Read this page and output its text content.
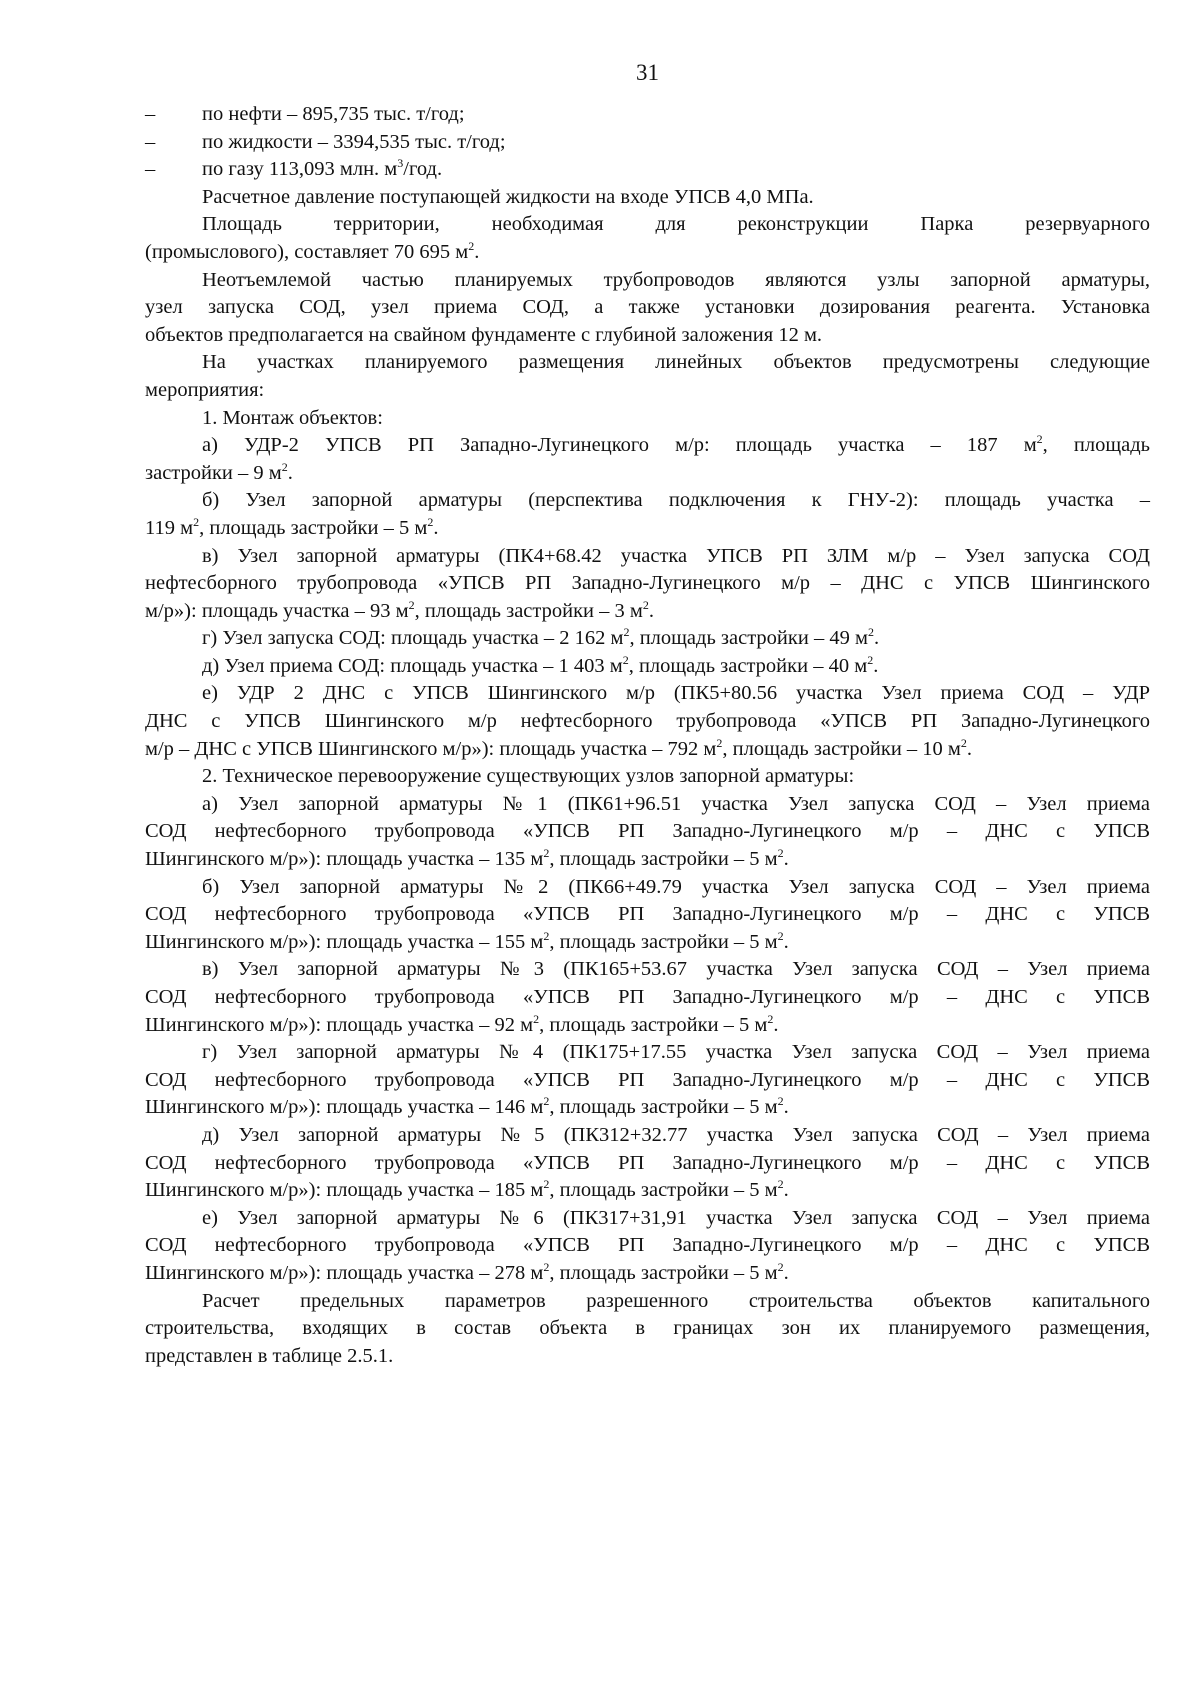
31
– по нефти – 895,735 тыс. т/год;
– по жидкости – 3394,535 тыс. т/год;
– по газу 113,093 млн. $м^3$/год.
Расчетное давление поступающей жидкости на входе УПСВ 4,0 МПа.
Площадь территории, необходимая для реконструкции Парка резервуарного
(промыслового), составляет 70 695 $м^2$.
Неотъемлемой частью планируемых трубопроводов являются узлы запорной арматуры,
узел запуска СОД, узел приема СОД, а также установки дозирования реагента. Установка
объектов предполагается на свайном фундаменте с глубиной заложения 12 м.
На участках планируемого размещения линейных объектов предусмотрены следующие
мероприятия:
1. Монтаж объектов:
а) УДР-2 УПСВ РП Западно-Лугинецкого м/р: площадь участка – 187 $м^2$, площадь
застройки – 9 $м^2$.
б) Узел запорной арматуры (перспектива подключения к ГНУ-2): площадь участка –
119 $м^2$, площадь застройки – 5 $м^2$.
в) Узел запорной арматуры (ПК4+68.42 участка УПСВ РП ЗЛМ м/р – Узел запуска СОД
нефтесборного трубопровода «УПСВ РП Западно-Лугинецкого м/р – ДНС с УПСВ Шингинского
м/р»): площадь участка – 93 $м^2$, площадь застройки – 3 $м^2$.
г) Узел запуска СОД: площадь участка – 2 162 $м^2$, площадь застройки – 49 $м^2$.
д) Узел приема СОД: площадь участка – 1 403 $м^2$, площадь застройки – 40 $м^2$.
е) УДР 2 ДНС с УПСВ Шингинского м/р (ПК5+80.56 участка Узел приема СОД – УДР
ДНС с УПСВ Шингинского м/р нефтесборного трубопровода «УПСВ РП Западно-Лугинецкого
м/р – ДНС с УПСВ Шингинского м/р»): площадь участка – 792 $м^2$, площадь застройки – 10 $м^2$.
2. Техническое перевооружение существующих узлов запорной арматуры:
а) Узел запорной арматуры №1 (ПК61+96.51 участка Узел запуска СОД – Узел приема
СОД нефтесборного трубопровода «УПСВ РП Западно-Лугинецкого м/р – ДНС с УПСВ
Шингинского м/р»): площадь участка – 135 $м^2$, площадь застройки – 5 $м^2$.
б) Узел запорной арматуры №2 (ПК66+49.79 участка Узел запуска СОД – Узел приема
СОД нефтесборного трубопровода «УПСВ РП Западно-Лугинецкого м/р – ДНС с УПСВ
Шингинского м/р»): площадь участка – 155 $м^2$, площадь застройки – 5 $м^2$.
в) Узел запорной арматуры №3 (ПК165+53.67 участка Узел запуска СОД – Узел приема
СОД нефтесборного трубопровода «УПСВ РП Западно-Лугинецкого м/р – ДНС с УПСВ
Шингинского м/р»): площадь участка – 92 $м^2$, площадь застройки – 5 $м^2$.
г) Узел запорной арматуры №4 (ПК175+17.55 участка Узел запуска СОД – Узел приема
СОД нефтесборного трубопровода «УПСВ РП Западно-Лугинецкого м/р – ДНС с УПСВ
Шингинского м/р»): площадь участка – 146 $м^2$, площадь застройки – 5 $м^2$.
д) Узел запорной арматуры №5 (ПК312+32.77 участка Узел запуска СОД – Узел приема
СОД нефтесборного трубопровода «УПСВ РП Западно-Лугинецкого м/р – ДНС с УПСВ
Шингинского м/р»): площадь участка – 185 $м^2$, площадь застройки – 5 $м^2$.
е) Узел запорной арматуры №6 (ПК317+31,91 участка Узел запуска СОД – Узел приема
СОД нефтесборного трубопровода «УПСВ РП Западно-Лугинецкого м/р – ДНС с УПСВ
Шингинского м/р»): площадь участка – 278 $м^2$, площадь застройки – 5 $м^2$.
Расчет предельных параметров разрешенного строительства объектов капитального
строительства, входящих в состав объекта в границах зон их планируемого размещения,
представлен в таблице 2.5.1.
